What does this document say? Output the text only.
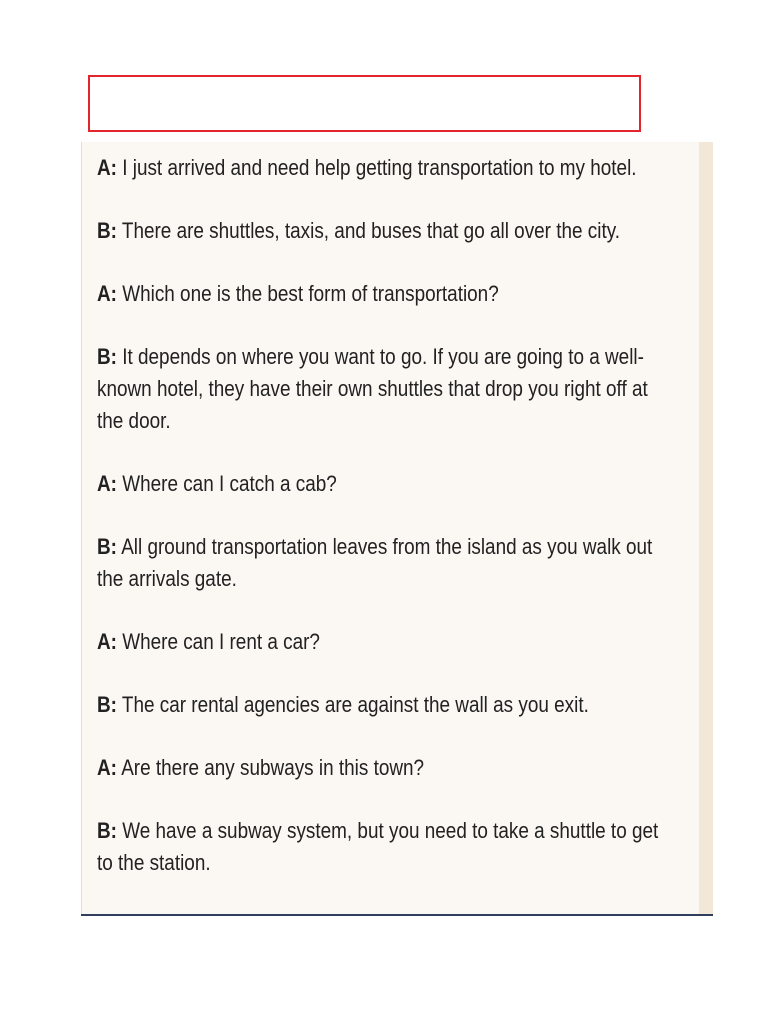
A: I just arrived and need help getting transportation to my hotel.
B: There are shuttles, taxis, and buses that go all over the city.
A: Which one is the best form of transportation?
B: It depends on where you want to go. If you are going to a well-known hotel, they have their own shuttles that drop you right off at the door.
A: Where can I catch a cab?
B: All ground transportation leaves from the island as you walk out the arrivals gate.
A: Where can I rent a car?
B: The car rental agencies are against the wall as you exit.
A: Are there any subways in this town?
B: We have a subway system, but you need to take a shuttle to get to the station.
